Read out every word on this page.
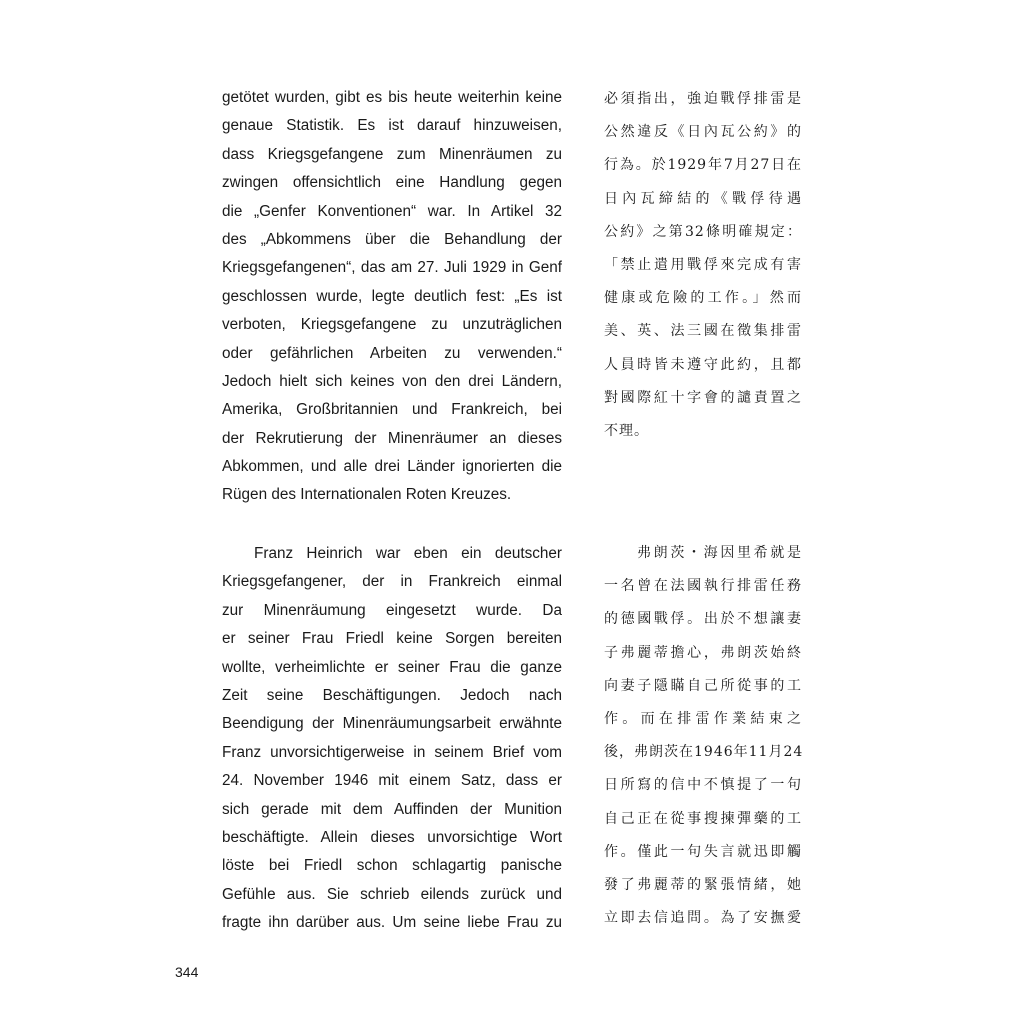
getötet wurden, gibt es bis heute weiterhin keine
genaue Statistik. Es ist darauf hinzuweisen,
dass Kriegsgefangene zum Minenräumen zu
zwingen offensichtlich eine Handlung gegen
die „Genfer Konventionen“ war. In Artikel 32
des „Abkommens über die Behandlung der
Kriegsgefangenen“, das am 27. Juli 1929 in Genf
geschlossen wurde, legte deutlich fest: „Es ist
verboten, Kriegsgefangene zu unzuträglichen
oder gefährlichen Arbeiten zu verwenden.“
Jedoch hielt sich keines von den drei Ländern,
Amerika, Großbritannien und Frankreich, bei
der Rekrutierung der Minenräumer an dieses
Abkommen, und alle drei Länder ignorierten die
Rügen des Internationalen Roten Kreuzes.
必須指出，強迫戰俘排雷是
公然違反《日內瓦公約》的
行為。於1929年7月27日在
日內瓦締結的《戰俘待遇
公約》之第32條明確規定：
「禁止遣用戰俘來完成有害
健康或危險的工作。」然而
美、英、法三國在徵集排雷
人員時皆未遵守此約，且都
對國際紅十字會的譴責置之
不理。
Franz Heinrich war eben ein deutscher
Kriegsgefangener, der in Frankreich einmal
zur Minenräumung eingesetzt wurde. Da
er seiner Frau Friedl keine Sorgen bereiten
wollte, verheimlichte er seiner Frau die ganze
Zeit seine Beschäftigungen. Jedoch nach
Beendigung der Minenräumungsarbeit erwähnte
Franz unvorsichtigerweise in seinem Brief vom
24. November 1946 mit einem Satz, dass er
sich gerade mit dem Auffinden der Munition
beschäftigte. Allein dieses unvorsichtige Wort
löste bei Friedl schon schlagartig panische
Gefühle aus. Sie schrieb eilends zurück und
fragte ihn darüber aus. Um seine liebe Frau zu
弗朗茨・海因里希就是
一名曾在法國執行排雷任務
的德國戰俘。出於不想讓妻
子弗麗蒂擔心，弗朗茨始終
向妻子隱瞞自己所從事的工
作。而在排雷作業結束之
後，弗朗茨在1946年11月24
日所寫的信中不慎提了一句
自己正在從事搜揀彈藥的工
作。僅此一句失言就迅即觸
發了弗麗蒂的緊張情緒，她
立即去信追問。為了安撫愛
344
